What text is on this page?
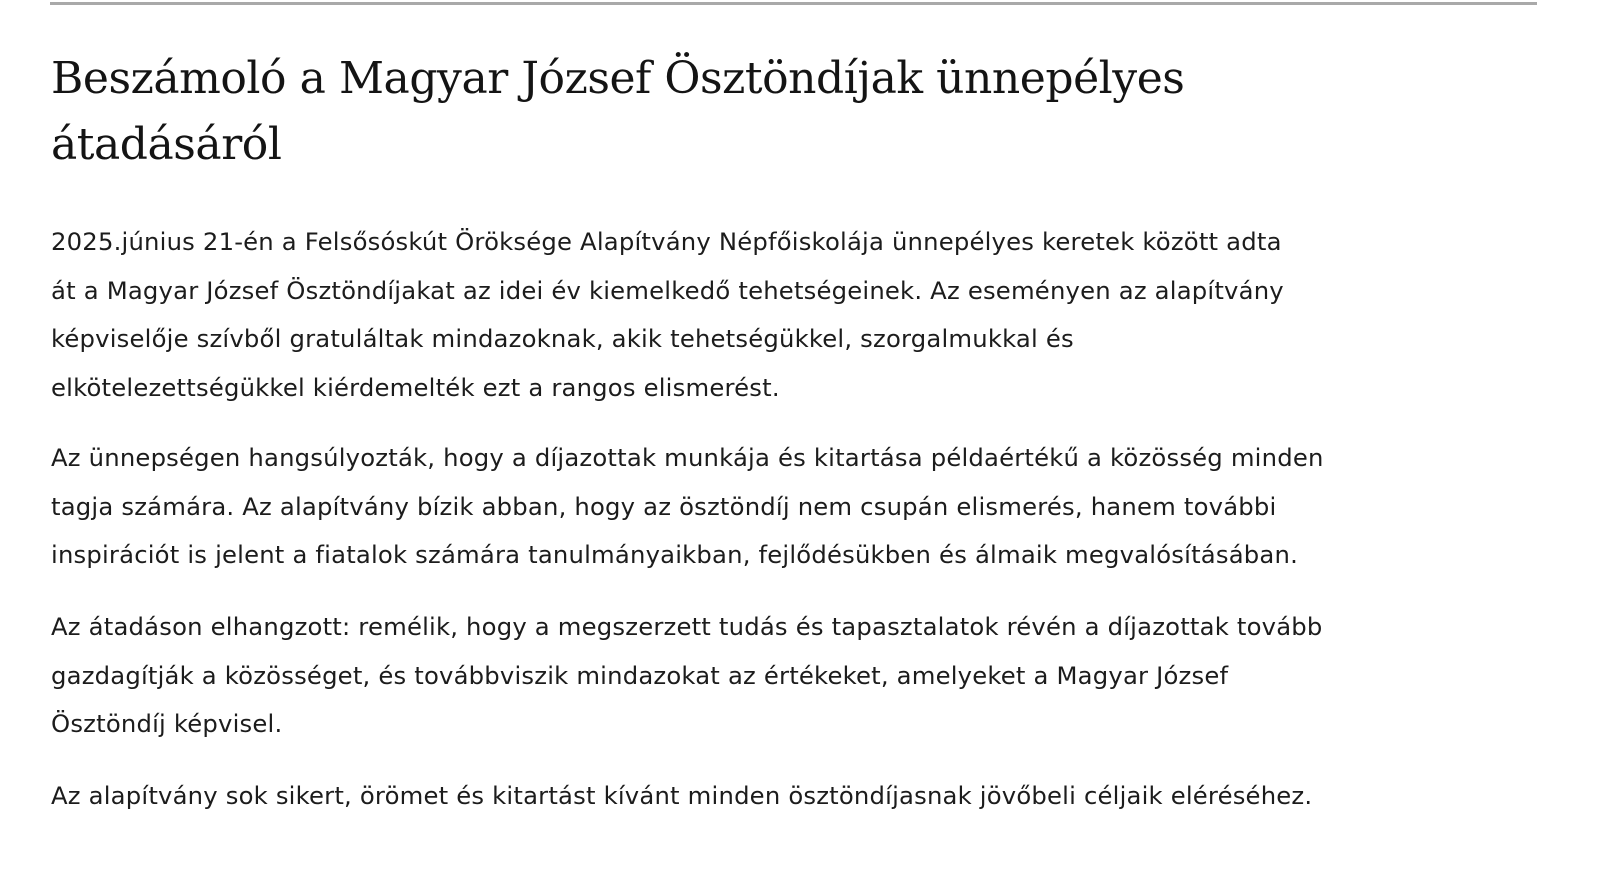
Beszámoló a Magyar József Ösztöndíjak ünnepélyes
átadásáról

2025.június 21-én a Felsősóskút Öröksége Alapítvány Népfőiskolája ünnepélyes keretek között adta
át a Magyar József Ösztöndíjakat az idei év kiemelkedő tehetségeinek. Az eseményen az alapítvány
képviselője szívből gratuláltak mindazoknak, akik tehetségükkel, szorgalmukkal és
elkötelezettségükkel kiérdemelték ezt a rangos elismerést.

Az ünnepségen hangsúlyozták, hogy a díjazottak munkája és kitartása példaértékű a közösség minden
tagja számára. Az alapítvány bízik abban, hogy az ösztöndíj nem csupán elismerés, hanem további
inspirációt is jelent a fiatalok számára tanulmányaikban, fejlődésükben és álmaik megvalósításában.

Az átadáson elhangzott: remélik, hogy a megszerzett tudás és tapasztalatok révén a díjazottak tovább
gazdagítják a közösséget, és továbbviszik mindazokat az értékeket, amelyeket a Magyar József
Ösztöndíj képvisel.

Az alapítvány sok sikert, örömet és kitartást kívánt minden ösztöndíjasnak jövőbeli céljaik eléréséhez.
